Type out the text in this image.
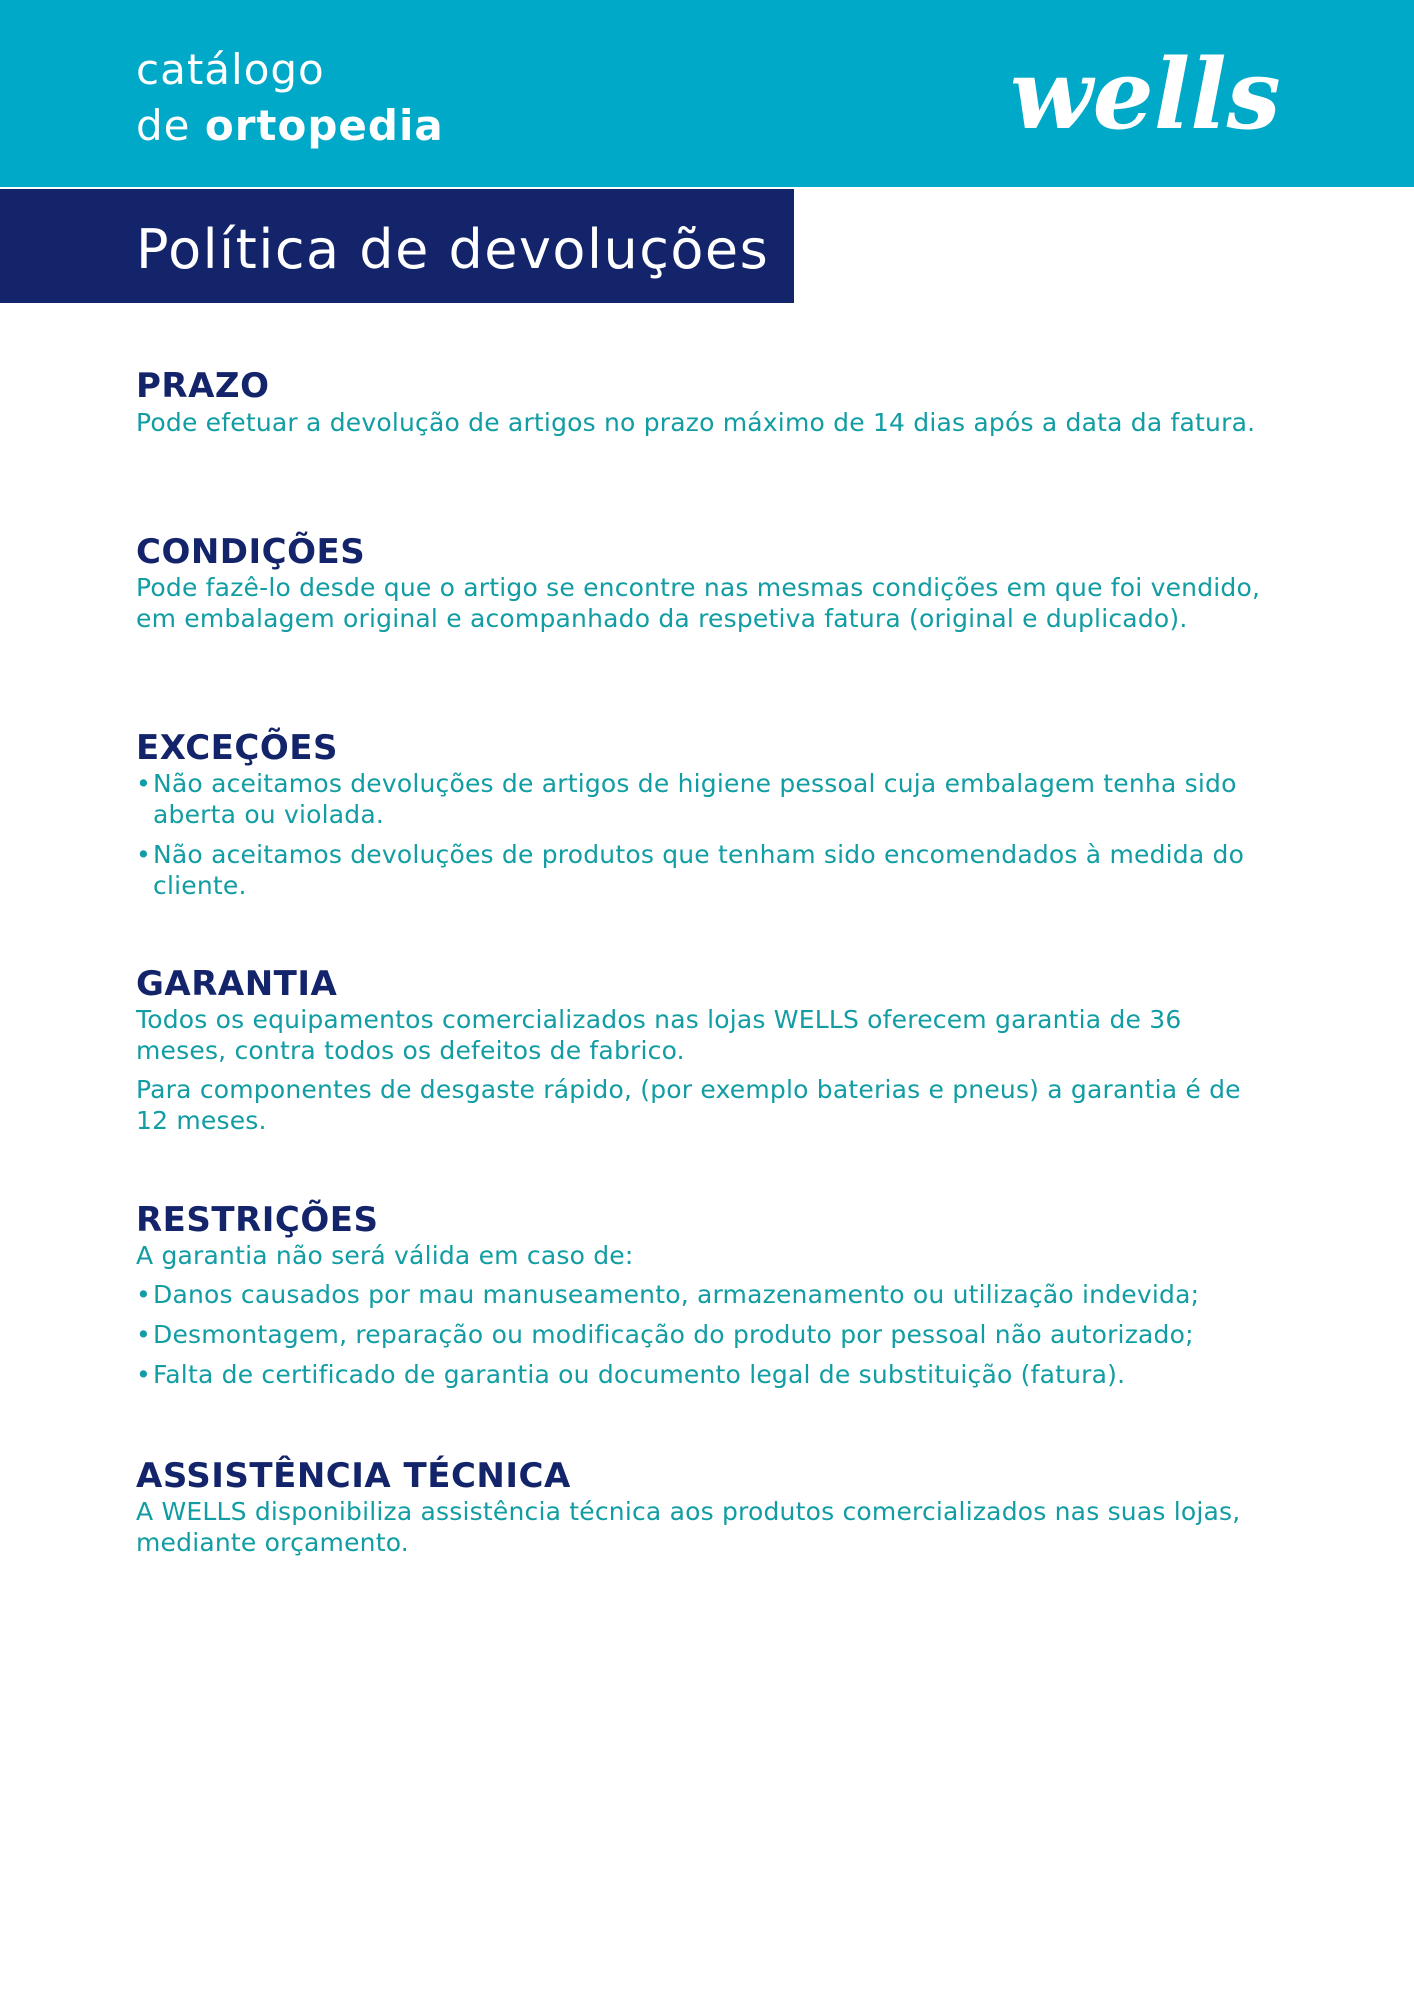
catálogo
de ortopedia	wells
Política de devoluções
PRAZO

Pode efetuar a devolução de artigos no prazo máximo de 14 dias após a data da fatura.

CONDIÇÕES

Pode fazê-lo desde que o artigo se encontre nas mesmas condições em que foi vendido, em embalagem original e acompanhado da respetiva fatura (original e duplicado).

EXCEÇÕES
• Não aceitamos devoluções de artigos de higiene pessoal cuja embalagem tenha sido aberta ou violada.
• Não aceitamos devoluções de produtos que tenham sido encomendados à medida do cliente.
GARANTIA

Todos os equipamentos comercializados nas lojas WELLS oferecem garantia de 36 meses, contra todos os defeitos de fabrico.

Para componentes de desgaste rápido, (por exemplo baterias e pneus) a garantia é de 12 meses.

RESTRIÇÕES

A garantia não será válida em caso de:

• Danos causados por mau manuseamento, armazenamento ou utilização indevida;
• Desmontagem, reparação ou modificação do produto por pessoal não autorizado;
• Falta de certificado de garantia ou documento legal de substituição (fatura).
ASSISTÊNCIA TÉCNICA

A WELLS disponibiliza assistência técnica aos produtos comercializados nas suas lojas, mediante orçamento.
